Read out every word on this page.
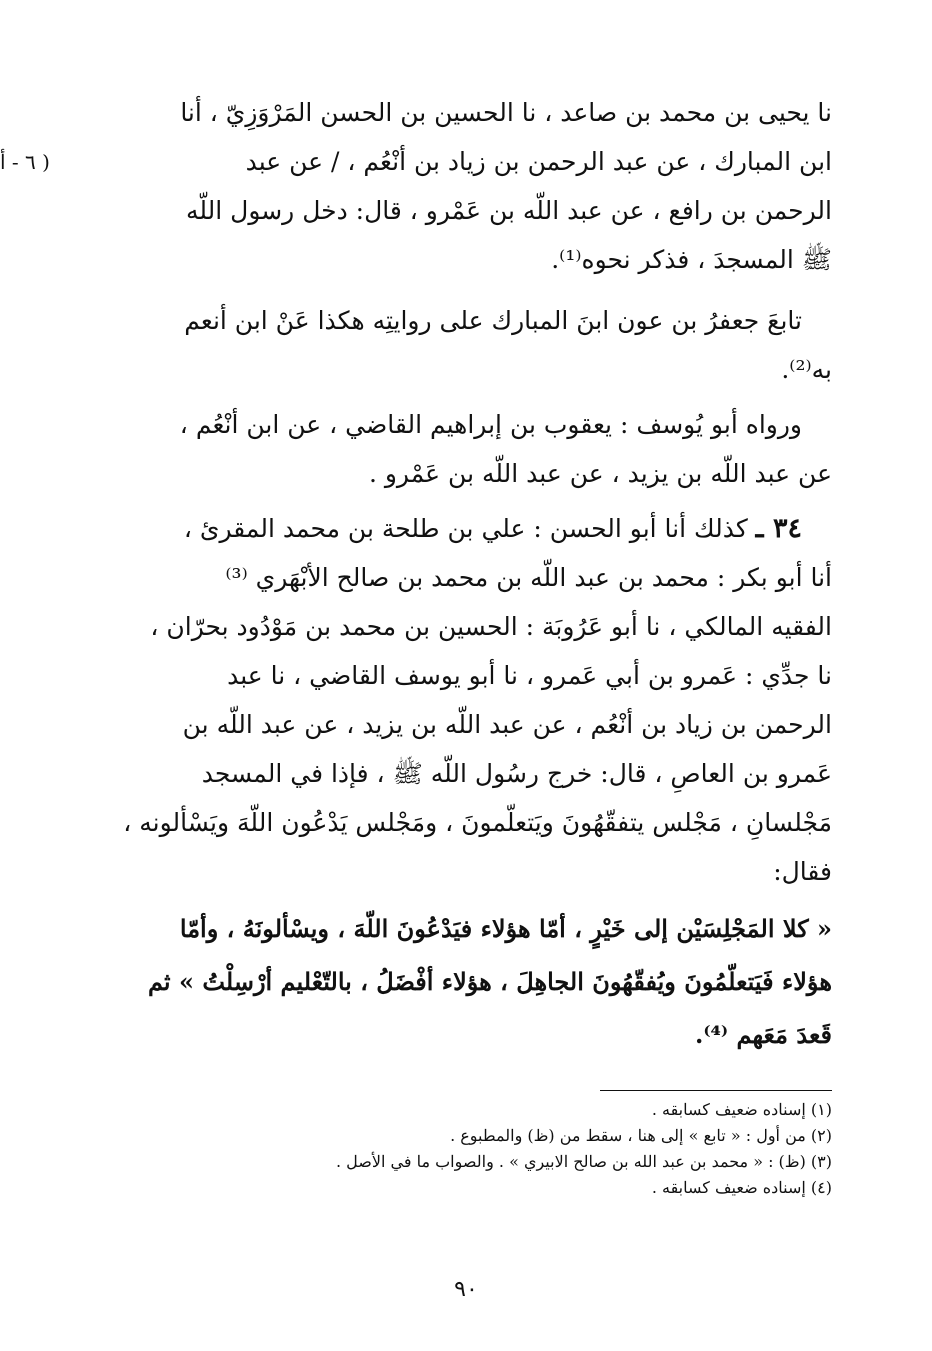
( ٦ - أ
نا يحيى بن محمد بن صاعد ، نا الحسين بن الحسن المَرْوَزِيّ ، أنا
ابن المبارك ، عن عبد الرحمن بن زياد بن أنْعُم ، / عن عبد
الرحمن بن رافع ، عن عبد اللّه بن عَمْرو ، قال: دخل رسول اللّه
ﷺ المسجدَ ، فذكر نحوه⁽¹⁾.
تابعَ جعفرُ بن عون ابنَ المبارك على روايتِه هكذا عَنْ ابن أنعم
به⁽²⁾.
ورواه أبو يُوسف : يعقوب بن إبراهيم القاضي ، عن ابن أنْعُم ،
عن عبد اللّه بن يزيد ، عن عبد اللّه بن عَمْرو .
٣٤ ـ كذلك أنا أبو الحسن : علي بن طلحة بن محمد المقرئ ،
أنا أبو بكر : محمد بن عبد اللّه بن محمد بن صالح الأبْهَري ⁽³⁾
الفقيه المالكي ، نا أبو عَرُوبَة : الحسين بن محمد بن مَوْدُود بحرّان ،
نا جدِّي : عَمرو بن أبي عَمرو ، نا أبو يوسف القاضي ، نا عبد
الرحمن بن زياد بن أنْعُم ، عن عبد اللّه بن يزيد ، عن عبد اللّه بن
عَمرو بن العاصِ ، قال: خرج رسُول اللّه ﷺ ، فإذا في المسجد
مَجْلسانِ ، مَجْلس يتفقّهُونَ ويَتعلّمونَ ، ومَجْلس يَدْعُون اللّهَ ويَسْألونه ،
فقال:
« كلا المَجْلِسَيْن إلى خَيْرٍ ، أمّا هؤلاء فيَدْعُونَ اللّهَ ، ويسْألونَهُ ، وأمّا
هؤلاء فَيَتعلّمُونَ ويُفقّهُونَ الجاهِلَ ، هؤلاء أفْضَلُ ، بالتّعْليم أرْسِلْتُ » ثم
قَعدَ مَعَهم ⁽⁴⁾.
(١) إسناده ضعيف كسابقه .
(٢) من أول : « تابع » إلى هنا ، سقط من (ظ) والمطبوع .
(٣) (ظ) : « محمد بن عبد الله بن صالح الابيري » . والصواب ما في الأصل .
(٤) إسناده ضعيف كسابقه .
٩٠
